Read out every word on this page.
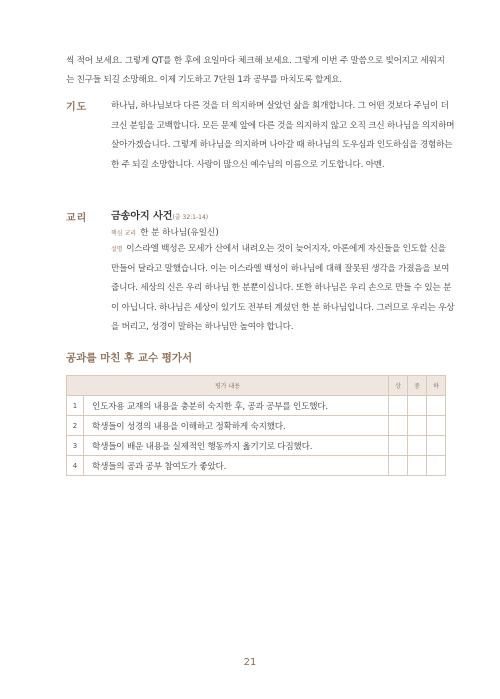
씩 적어 보세요. 그렇게 QT를 한 후에 요일마다 체크해 보세요. 그렇게 이번 주 말씀으로 빚어지고 세워지는 친구들 되길 소망해요. 이제 기도하고 7단원 1과 공부를 마치도록 할게요.
기도	하나님, 하나님보다 다른 것을 더 의지하며 살았던 삶을 회개합니다. 그 어떤 것보다 주님이 더 크신 분임을 고백합니다. 모든 문제 앞에 다른 것을 의지하지 않고 오직 크신 하나님을 의지하며 살아가겠습니다. 그렇게 하나님을 의지하며 나아갈 때 하나님의 도우심과 인도하심을 경험하는 한 주 되길 소망합니다. 사랑이 많으신 예수님의 이름으로 기도합니다. 아멘.
교리 금송아지 사건(출 32:1-14)
핵심 교리 한 분 하나님(유일신)
설명 이스라엘 백성은 모세가 산에서 내려오는 것이 늦어지자, 아론에게 자신들을 인도할 신을 만들어 달라고 말했습니다. 이는 이스라엘 백성이 하나님에 대해 잘못된 생각을 가졌음을 보여 줍니다. 세상의 신은 우리 하나님 한 분뿐이십니다. 또한 하나님은 우리 손으로 만들 수 있는 분이 아닙니다. 하나님은 세상이 있기도 전부터 계셨던 한 분 하나님입니다. 그러므로 우리는 우상을 버리고, 성경이 말하는 하나님만 높여야 합니다.
공과를 마친 후 교수 평가서
평가 내용		상	중	하
1	인도자용 교재의 내용을 충분히 숙지한 후, 공과 공부를 인도했다.			
2	학생들이 성경의 내용을 이해하고 정확하게 숙지했다.			
3	학생들이 배운 내용을 실제적인 행동까지 옮기기로 다짐했다.			
4	학생들의 공과 공부 참여도가 좋았다.			
21
